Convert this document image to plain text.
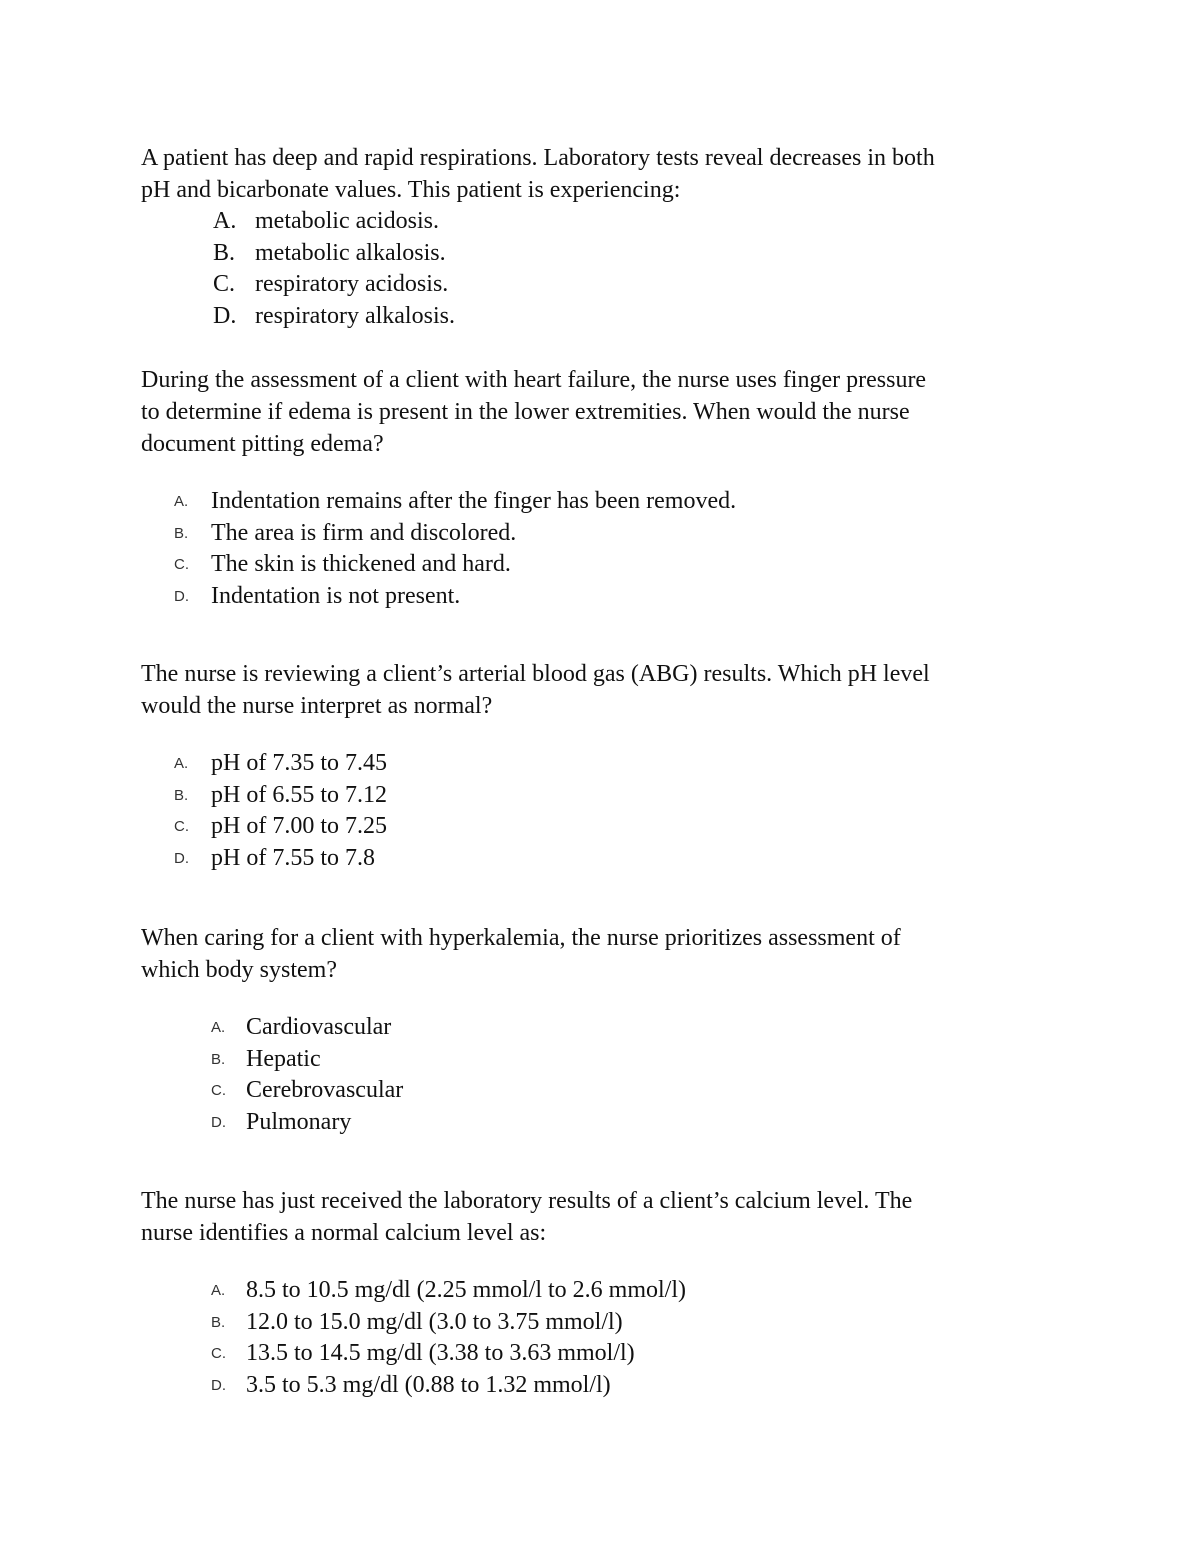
A patient has deep and rapid respirations. Laboratory tests reveal decreases in both
pH and bicarbonate values. This patient is experiencing:
A. metabolic acidosis.
B. metabolic alkalosis.
C. respiratory acidosis.
D. respiratory alkalosis.
During the assessment of a client with heart failure, the nurse uses finger pressure
to determine if edema is present in the lower extremities. When would the nurse
document pitting edema?
A. Indentation remains after the finger has been removed.
B. The area is firm and discolored.
C. The skin is thickened and hard.
D. Indentation is not present.
The nurse is reviewing a client’s arterial blood gas (ABG) results. Which pH level
would the nurse interpret as normal?
A. pH of 7.35 to 7.45
B. pH of 6.55 to 7.12
C. pH of 7.00 to 7.25
D. pH of 7.55 to 7.8
When caring for a client with hyperkalemia, the nurse prioritizes assessment of
which body system?
A. Cardiovascular
B. Hepatic
C. Cerebrovascular
D. Pulmonary
The nurse has just received the laboratory results of a client’s calcium level. The
nurse identifies a normal calcium level as:
A. 8.5 to 10.5 mg/dl (2.25 mmol/l to 2.6 mmol/l)
B. 12.0 to 15.0 mg/dl (3.0 to 3.75 mmol/l)
C. 13.5 to 14.5 mg/dl (3.38 to 3.63 mmol/l)
D. 3.5 to 5.3 mg/dl (0.88 to 1.32 mmol/l)
